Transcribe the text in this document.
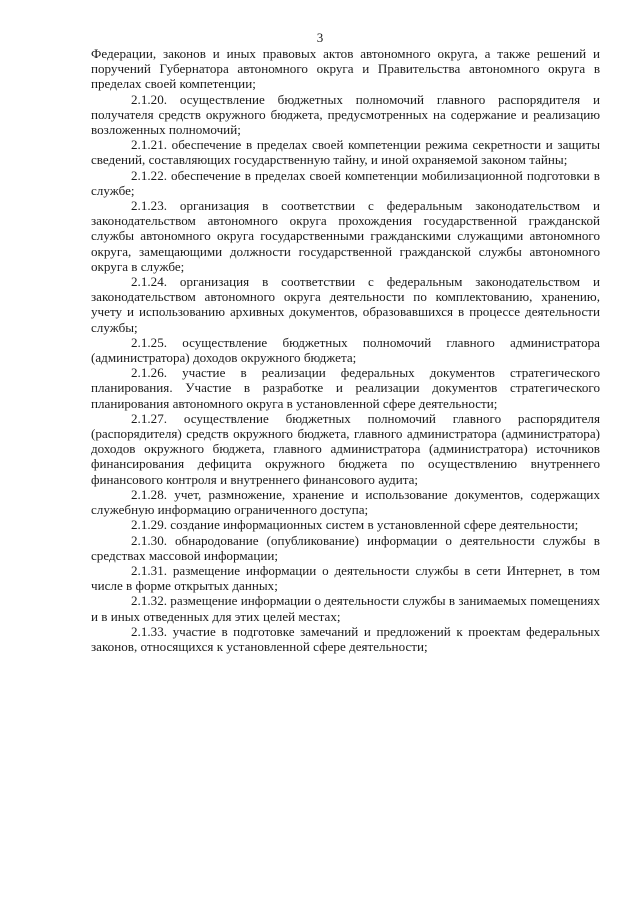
3

Федерации, законов и иных правовых актов автономного округа, а также решений и поручений Губернатора автономного округа и Правительства автономного округа в пределах своей компетенции;

2.1.20. осуществление бюджетных полномочий главного распорядителя и получателя средств окружного бюджета, предусмотренных на содержание и реализацию возложенных полномочий;

2.1.21. обеспечение в пределах своей компетенции режима секретности и защиты сведений, составляющих государственную тайну, и иной охраняемой законом тайны;

2.1.22. обеспечение в пределах своей компетенции мобилизационной подготовки в службе;

2.1.23. организация в соответствии с федеральным законодательством и законодательством автономного округа прохождения государственной гражданской службы автономного округа государственными гражданскими служащими автономного округа, замещающими должности государственной гражданской службы автономного округа в службе;

2.1.24. организация в соответствии с федеральным законодательством и законодательством автономного округа деятельности по комплектованию, хранению, учету и использованию архивных документов, образовавшихся в процессе деятельности службы;

2.1.25. осуществление бюджетных полномочий главного администратора (администратора) доходов окружного бюджета;

2.1.26. участие в реализации федеральных документов стратегического планирования. Участие в разработке и реализации документов стратегического планирования автономного округа в установленной сфере деятельности;

2.1.27. осуществление бюджетных полномочий главного распорядителя (распорядителя) средств окружного бюджета, главного администратора (администратора) доходов окружного бюджета, главного администратора (администратора) источников финансирования дефицита окружного бюджета по осуществлению внутреннего финансового контроля и внутреннего финансового аудита;

2.1.28. учет, размножение, хранение и использование документов, содержащих служебную информацию ограниченного доступа;

2.1.29. создание информационных систем в установленной сфере деятельности;

2.1.30. обнародование (опубликование) информации о деятельности службы в средствах массовой информации;

2.1.31. размещение информации о деятельности службы в сети Интернет, в том числе в форме открытых данных;

2.1.32. размещение информации о деятельности службы в занимаемых помещениях и в иных отведенных для этих целей местах;

2.1.33. участие в подготовке замечаний и предложений к проектам федеральных законов, относящихся к установленной сфере деятельности;
